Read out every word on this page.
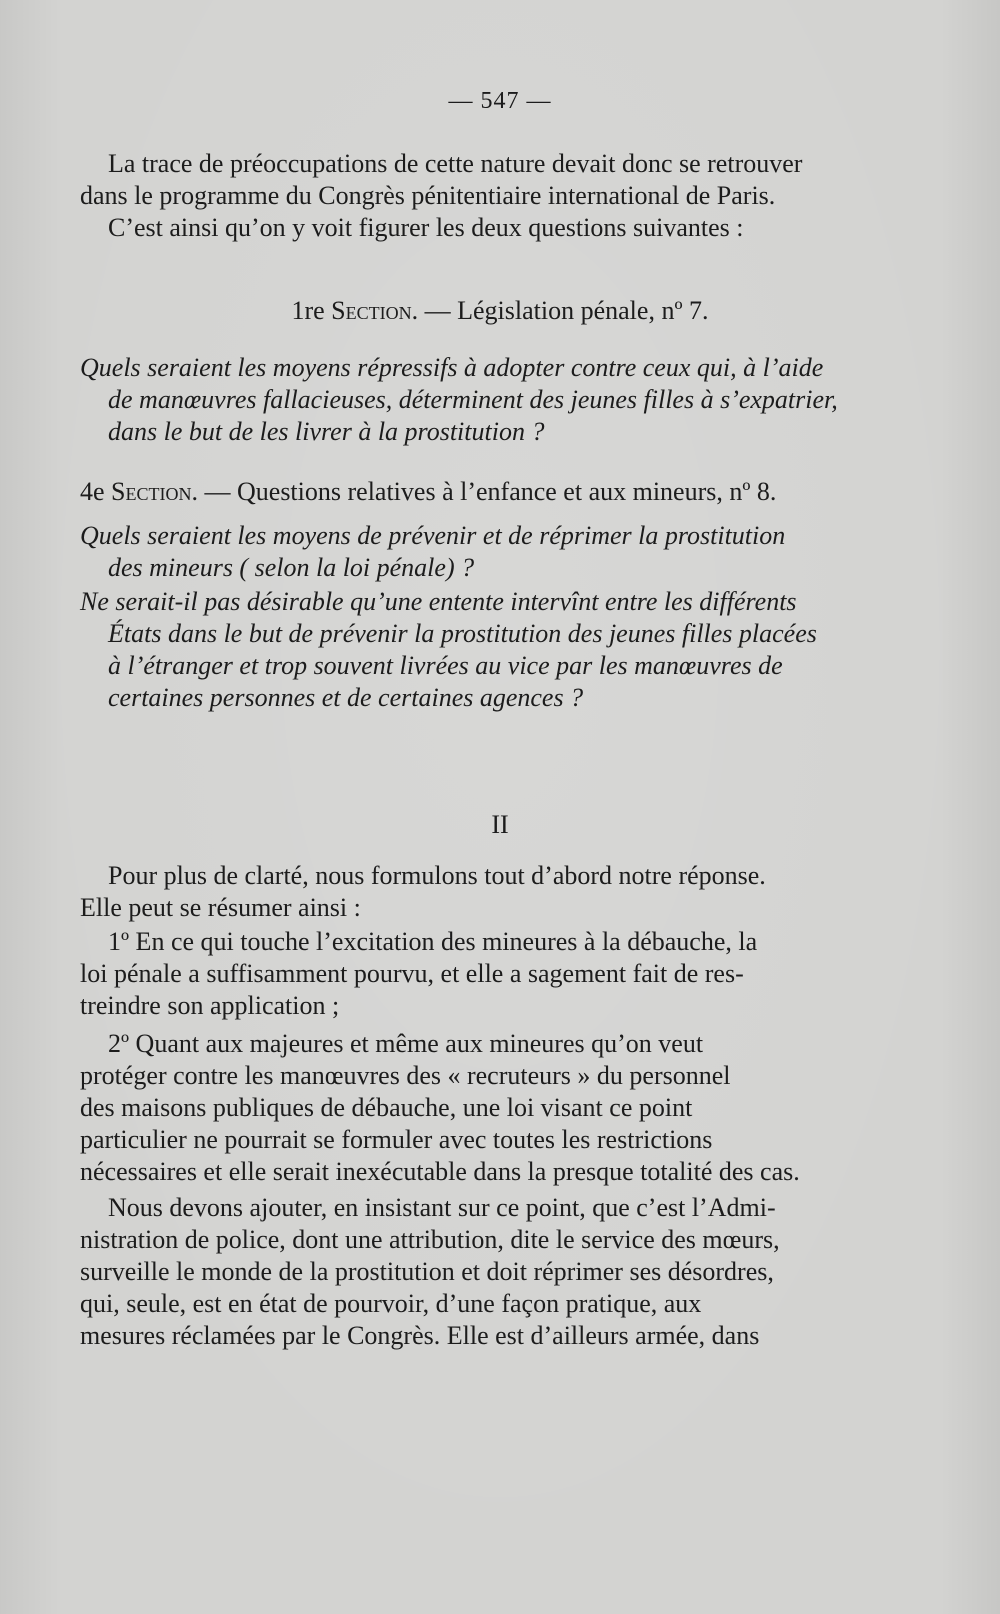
— 547 —
La trace de préoccupations de cette nature devait donc se retrouver
dans le programme du Congrès pénitentiaire international de Paris.
C’est ainsi qu’on y voit figurer les deux questions suivantes :
1re Section. — Législation pénale, nº 7.
Quels seraient les moyens répressifs à adopter contre ceux qui, à l’aide
de manœuvres fallacieuses, déterminent des jeunes filles à s’expatrier,
dans le but de les livrer à la prostitution ?
4e Section. — Questions relatives à l’enfance et aux mineurs, nº 8.
Quels seraient les moyens de prévenir et de réprimer la prostitution
des mineurs ( selon la loi pénale) ?
Ne serait-il pas désirable qu’une entente intervînt entre les différents
États dans le but de prévenir la prostitution des jeunes filles placées
à l’étranger et trop souvent livrées au vice par les manœuvres de
certaines personnes et de certaines agences ?
II
Pour plus de clarté, nous formulons tout d’abord notre réponse.
Elle peut se résumer ainsi :
1º En ce qui touche l’excitation des mineures à la débauche, la
loi pénale a suffisamment pourvu, et elle a sagement fait de res-
treindre son application ;
2º Quant aux majeures et même aux mineures qu’on veut
protéger contre les manœuvres des « recruteurs » du personnel
des maisons publiques de débauche, une loi visant ce point
particulier ne pourrait se formuler avec toutes les restrictions
nécessaires et elle serait inexécutable dans la presque totalité des cas.
Nous devons ajouter, en insistant sur ce point, que c’est l’Admi-
nistration de police, dont une attribution, dite le service des mœurs,
surveille le monde de la prostitution et doit réprimer ses désordres,
qui, seule, est en état de pourvoir, d’une façon pratique, aux
mesures réclamées par le Congrès. Elle est d’ailleurs armée, dans
